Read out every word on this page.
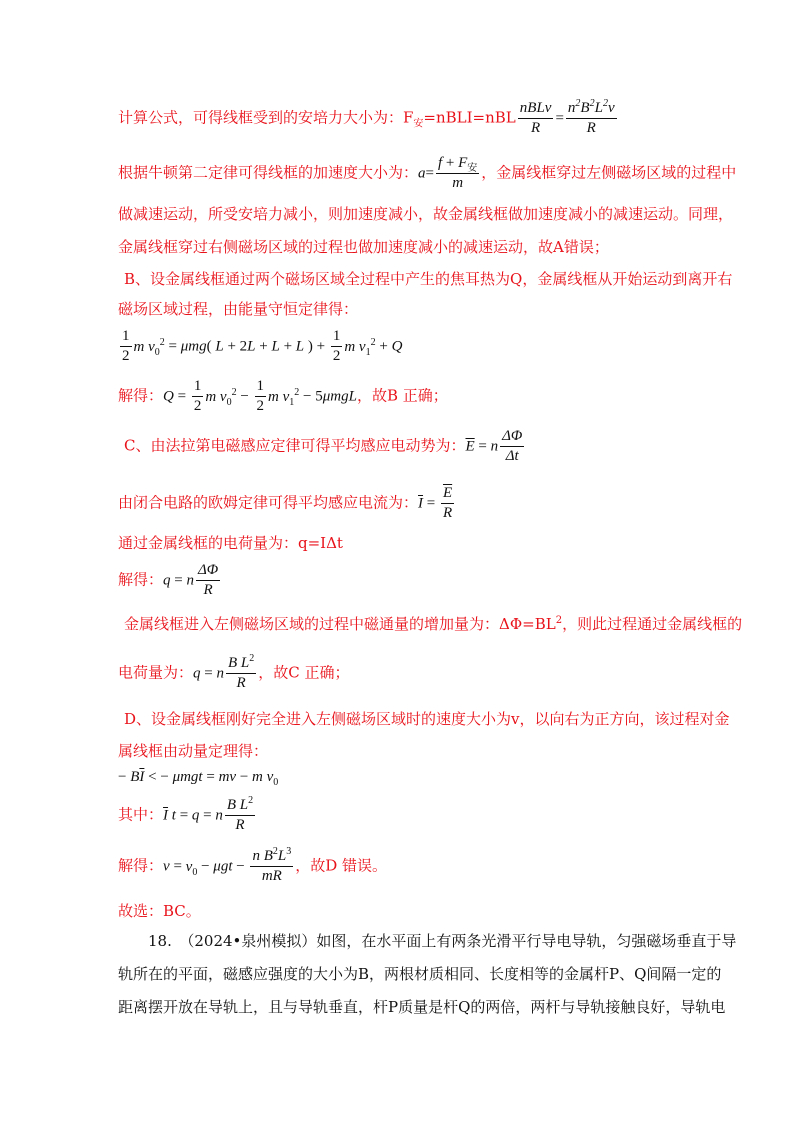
计算公式，可得线框受到的安培力大小为：$F_安=nBLI=nBL \frac{\text{nBLv}}{R} = \frac{n^2B^2L^2v}{R}$
根据牛顿第二定律可得线框的加速度大小为：$a= \frac{f + F_安}{m}$ ，金属线框穿过左侧磁场区域的过程中
做减速运动，所受安培力减小，则加速度减小，故金属线框做加速度减小的减速运动。同理，
金属线框穿过右侧磁场区域的过程也做加速度减小的减速运动，故A错误；
B、设金属线框通过两个磁场区域全过程中产生的焦耳热为Q，金属线框从开始运动到离开右
磁场区域过程，由能量守恒定律得：
$\frac{1}{2}$ m $v_0^2 = \mu mg$( L + 2L + L + L ) + $\frac{1}{2}$ m $v_1^2 + Q$
解得：$Q = \frac{1}{2}$ m $v_0^2 - \frac{1}{2}$ m $v_1^2 - 5\mu mgL$，故B 正确；
C、由法拉第电磁感应定律可得平均感应电动势为：$\overline{E} = n \frac{\Delta\Phi}{\Delta t}$
由闭合电路的欧姆定律可得平均感应电流为：$\overline{I} = \frac{\overline{E}}{R}$
通过金属线框的电荷量为：q=IΔt
解得：q = n $\frac{\Delta\Phi}{R}$
金属线框进入左侧磁场区域的过程中磁通量的增加量为：$\Delta\Phi=BL^2$，则此过程通过金属线框的
电荷量为：q = n $\frac{B L^2}{R}$ ，故C 正确；
D、设金属线框刚好完全进入左侧磁场区域时的速度大小为v，以向右为正方向，该过程对金
属线框由动量定理得：
− $B\overline{I}$ < − μmgt = mv − m $v_0$
其中：$\overline{I}$ t = q = n $\frac{B L^2}{R}$
解得：$v = v_0 - \mu gt - \frac{n B^2L^3}{mR}$ ，故D 错误。
故选：BC。
18.　（2024•泉州模拟）如图，在水平面上有两条光滑平行导电导轨，匀强磁场垂直于导
轨所在的平面，磁感应强度的大小为B，两根材质相同、长度相等的金属杆P、Q间隔一定的
距离摆开放在导轨上，且与导轨垂直，杆P质量是杆Q的两倍，两杆与导轨接触良好，导轨电
